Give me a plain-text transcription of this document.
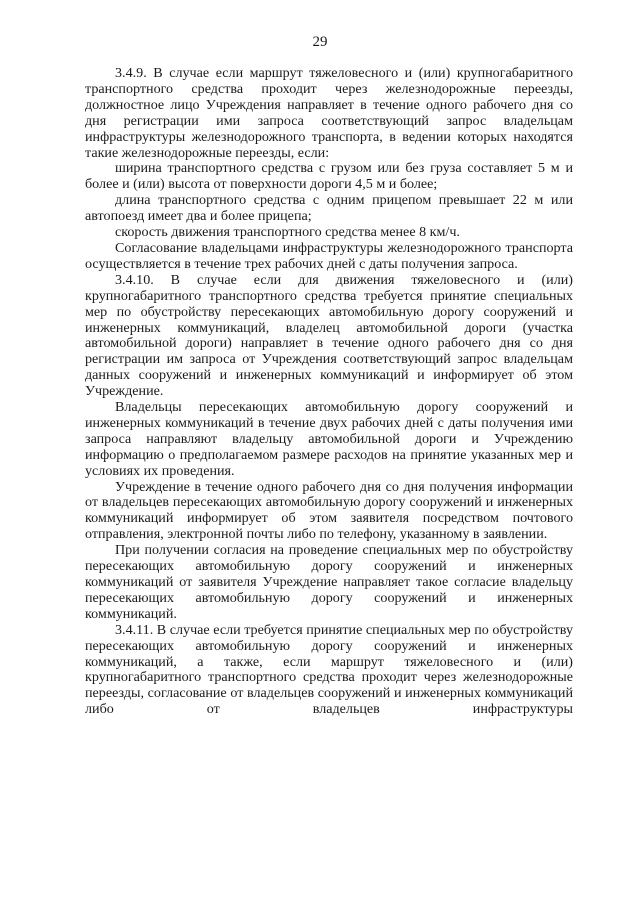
29

3.4.9. В случае если маршрут тяжеловесного и (или) крупногабаритного транспортного средства проходит через железнодорожные переезды, должностное лицо Учреждения направляет в течение одного рабочего дня со дня регистрации ими запроса соответствующий запрос владельцам инфраструктуры железнодорожного транспорта, в ведении которых находятся такие железнодорожные переезды, если:

ширина транспортного средства с грузом или без груза составляет 5 м и более и (или) высота от поверхности дороги 4,5 м и более;

длина транспортного средства с одним прицепом превышает 22 м или автопоезд имеет два и более прицепа;

скорость движения транспортного средства менее 8 км/ч.

Согласование владельцами инфраструктуры железнодорожного транспорта осуществляется в течение трех рабочих дней с даты получения запроса.

3.4.10. В случае если для движения тяжеловесного и (или) крупногабаритного транспортного средства требуется принятие специальных мер по обустройству пересекающих автомобильную дорогу сооружений и инженерных коммуникаций, владелец автомобильной дороги (участка автомобильной дороги) направляет в течение одного рабочего дня со дня регистрации им запроса от Учреждения соответствующий запрос владельцам данных сооружений и инженерных коммуникаций и информирует об этом Учреждение.

Владельцы пересекающих автомобильную дорогу сооружений и инженерных коммуникаций в течение двух рабочих дней с даты получения ими запроса направляют владельцу автомобильной дороги и Учреждению информацию о предполагаемом размере расходов на принятие указанных мер и условиях их проведения.

Учреждение в течение одного рабочего дня со дня получения информации от владельцев пересекающих автомобильную дорогу сооружений и инженерных коммуникаций информирует об этом заявителя посредством почтового отправления, электронной почты либо по телефону, указанному в заявлении.

При получении согласия на проведение специальных мер по обустройству пересекающих автомобильную дорогу сооружений и инженерных коммуникаций от заявителя Учреждение направляет такое согласие владельцу пересекающих автомобильную дорогу сооружений и инженерных коммуникаций.

3.4.11. В случае если требуется принятие специальных мер по обустройству пересекающих автомобильную дорогу сооружений и инженерных коммуникаций, а также, если маршрут тяжеловесного и (или) крупногабаритного транспортного средства проходит через железнодорожные переезды, согласование от владельцев сооружений и инженерных коммуникаций либо от владельцев инфраструктуры
